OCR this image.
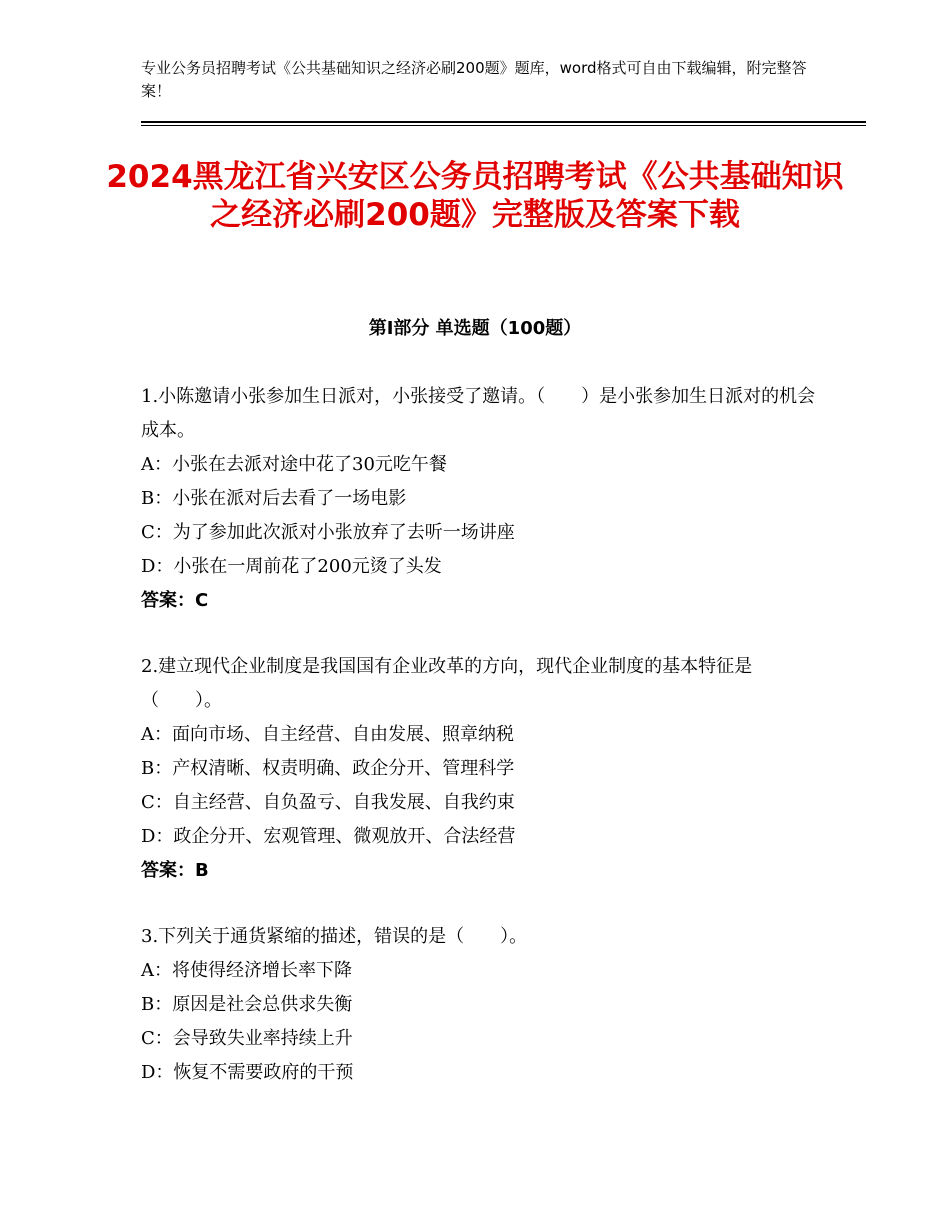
专业公务员招聘考试《公共基础知识之经济必刷200题》题库，word格式可自由下载编辑，附完整答案！
2024黑龙江省兴安区公务员招聘考试《公共基础知识之经济必刷200题》完整版及答案下载
第Ⅰ部分 单选题（100题）
1.小陈邀请小张参加生日派对，小张接受了邀请。（　　）是小张参加生日派对的机会成本。
A：小张在去派对途中花了30元吃午餐
B：小张在派对后去看了一场电影
C：为了参加此次派对小张放弃了去听一场讲座
D：小张在一周前花了200元烫了头发
答案：C
2.建立现代企业制度是我国国有企业改革的方向，现代企业制度的基本特征是（　　）。
A：面向市场、自主经营、自由发展、照章纳税
B：产权清晰、权责明确、政企分开、管理科学
C：自主经营、自负盈亏、自我发展、自我约束
D：政企分开、宏观管理、微观放开、合法经营
答案：B
3.下列关于通货紧缩的描述，错误的是（　　）。
A：将使得经济增长率下降
B：原因是社会总供求失衡
C：会导致失业率持续上升
D：恢复不需要政府的干预
